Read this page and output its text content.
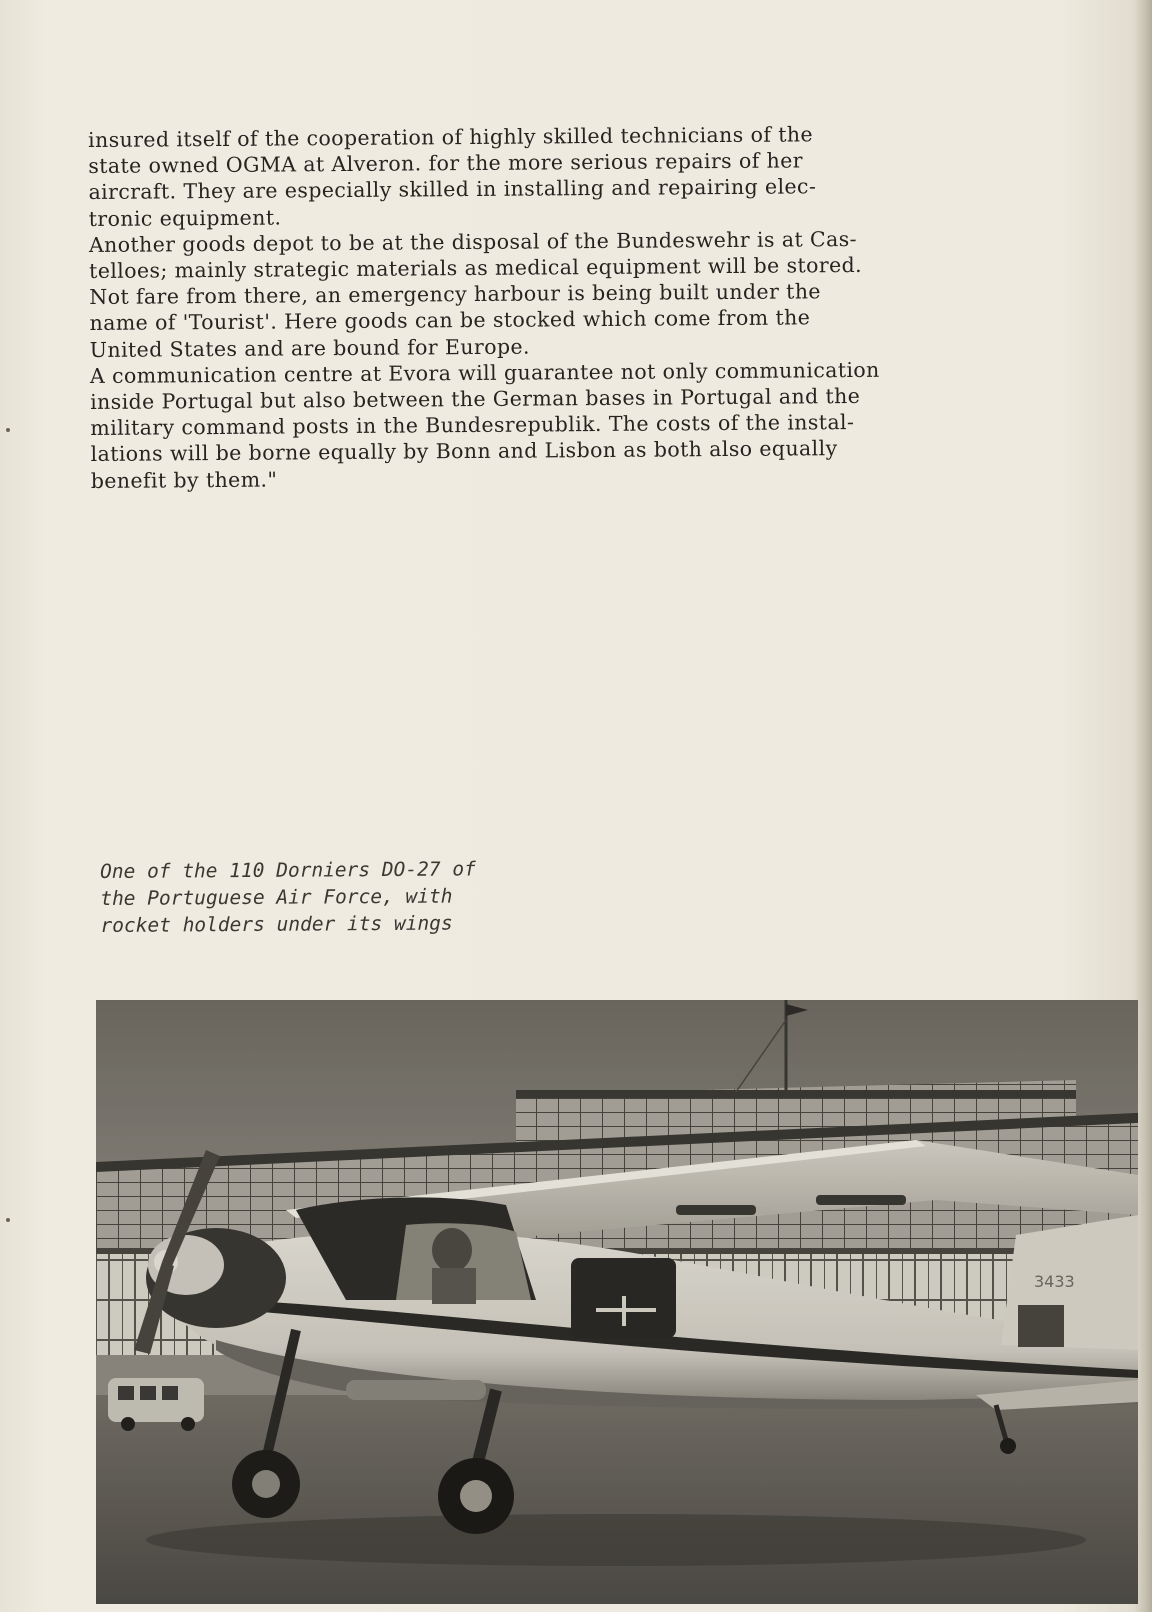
insured itself of the cooperation of highly skilled technicians of the
state owned OGMA at Alveron. for the more serious repairs of her
aircraft. They are especially skilled in installing and repairing elec-
tronic equipment.
Another goods depot to be at the disposal of the Bundeswehr is at Cas-
telloes; mainly strategic materials as medical equipment will be stored.
Not fare from there, an emergency harbour is being built under the
name of 'Tourist'. Here goods can be stocked which come from the
United States and are bound for Europe.
A communication centre at Evora will guarantee not only communication
inside Portugal but also between the German bases in Portugal and the
military command posts in the Bundesrepublik. The costs of the instal-
lations will be borne equally by Bonn and Lisbon as both also equally
benefit by them."
One of the 110 Dorniers DO-27 of
the Portuguese Air Force, with
rocket holders under its wings
3433
